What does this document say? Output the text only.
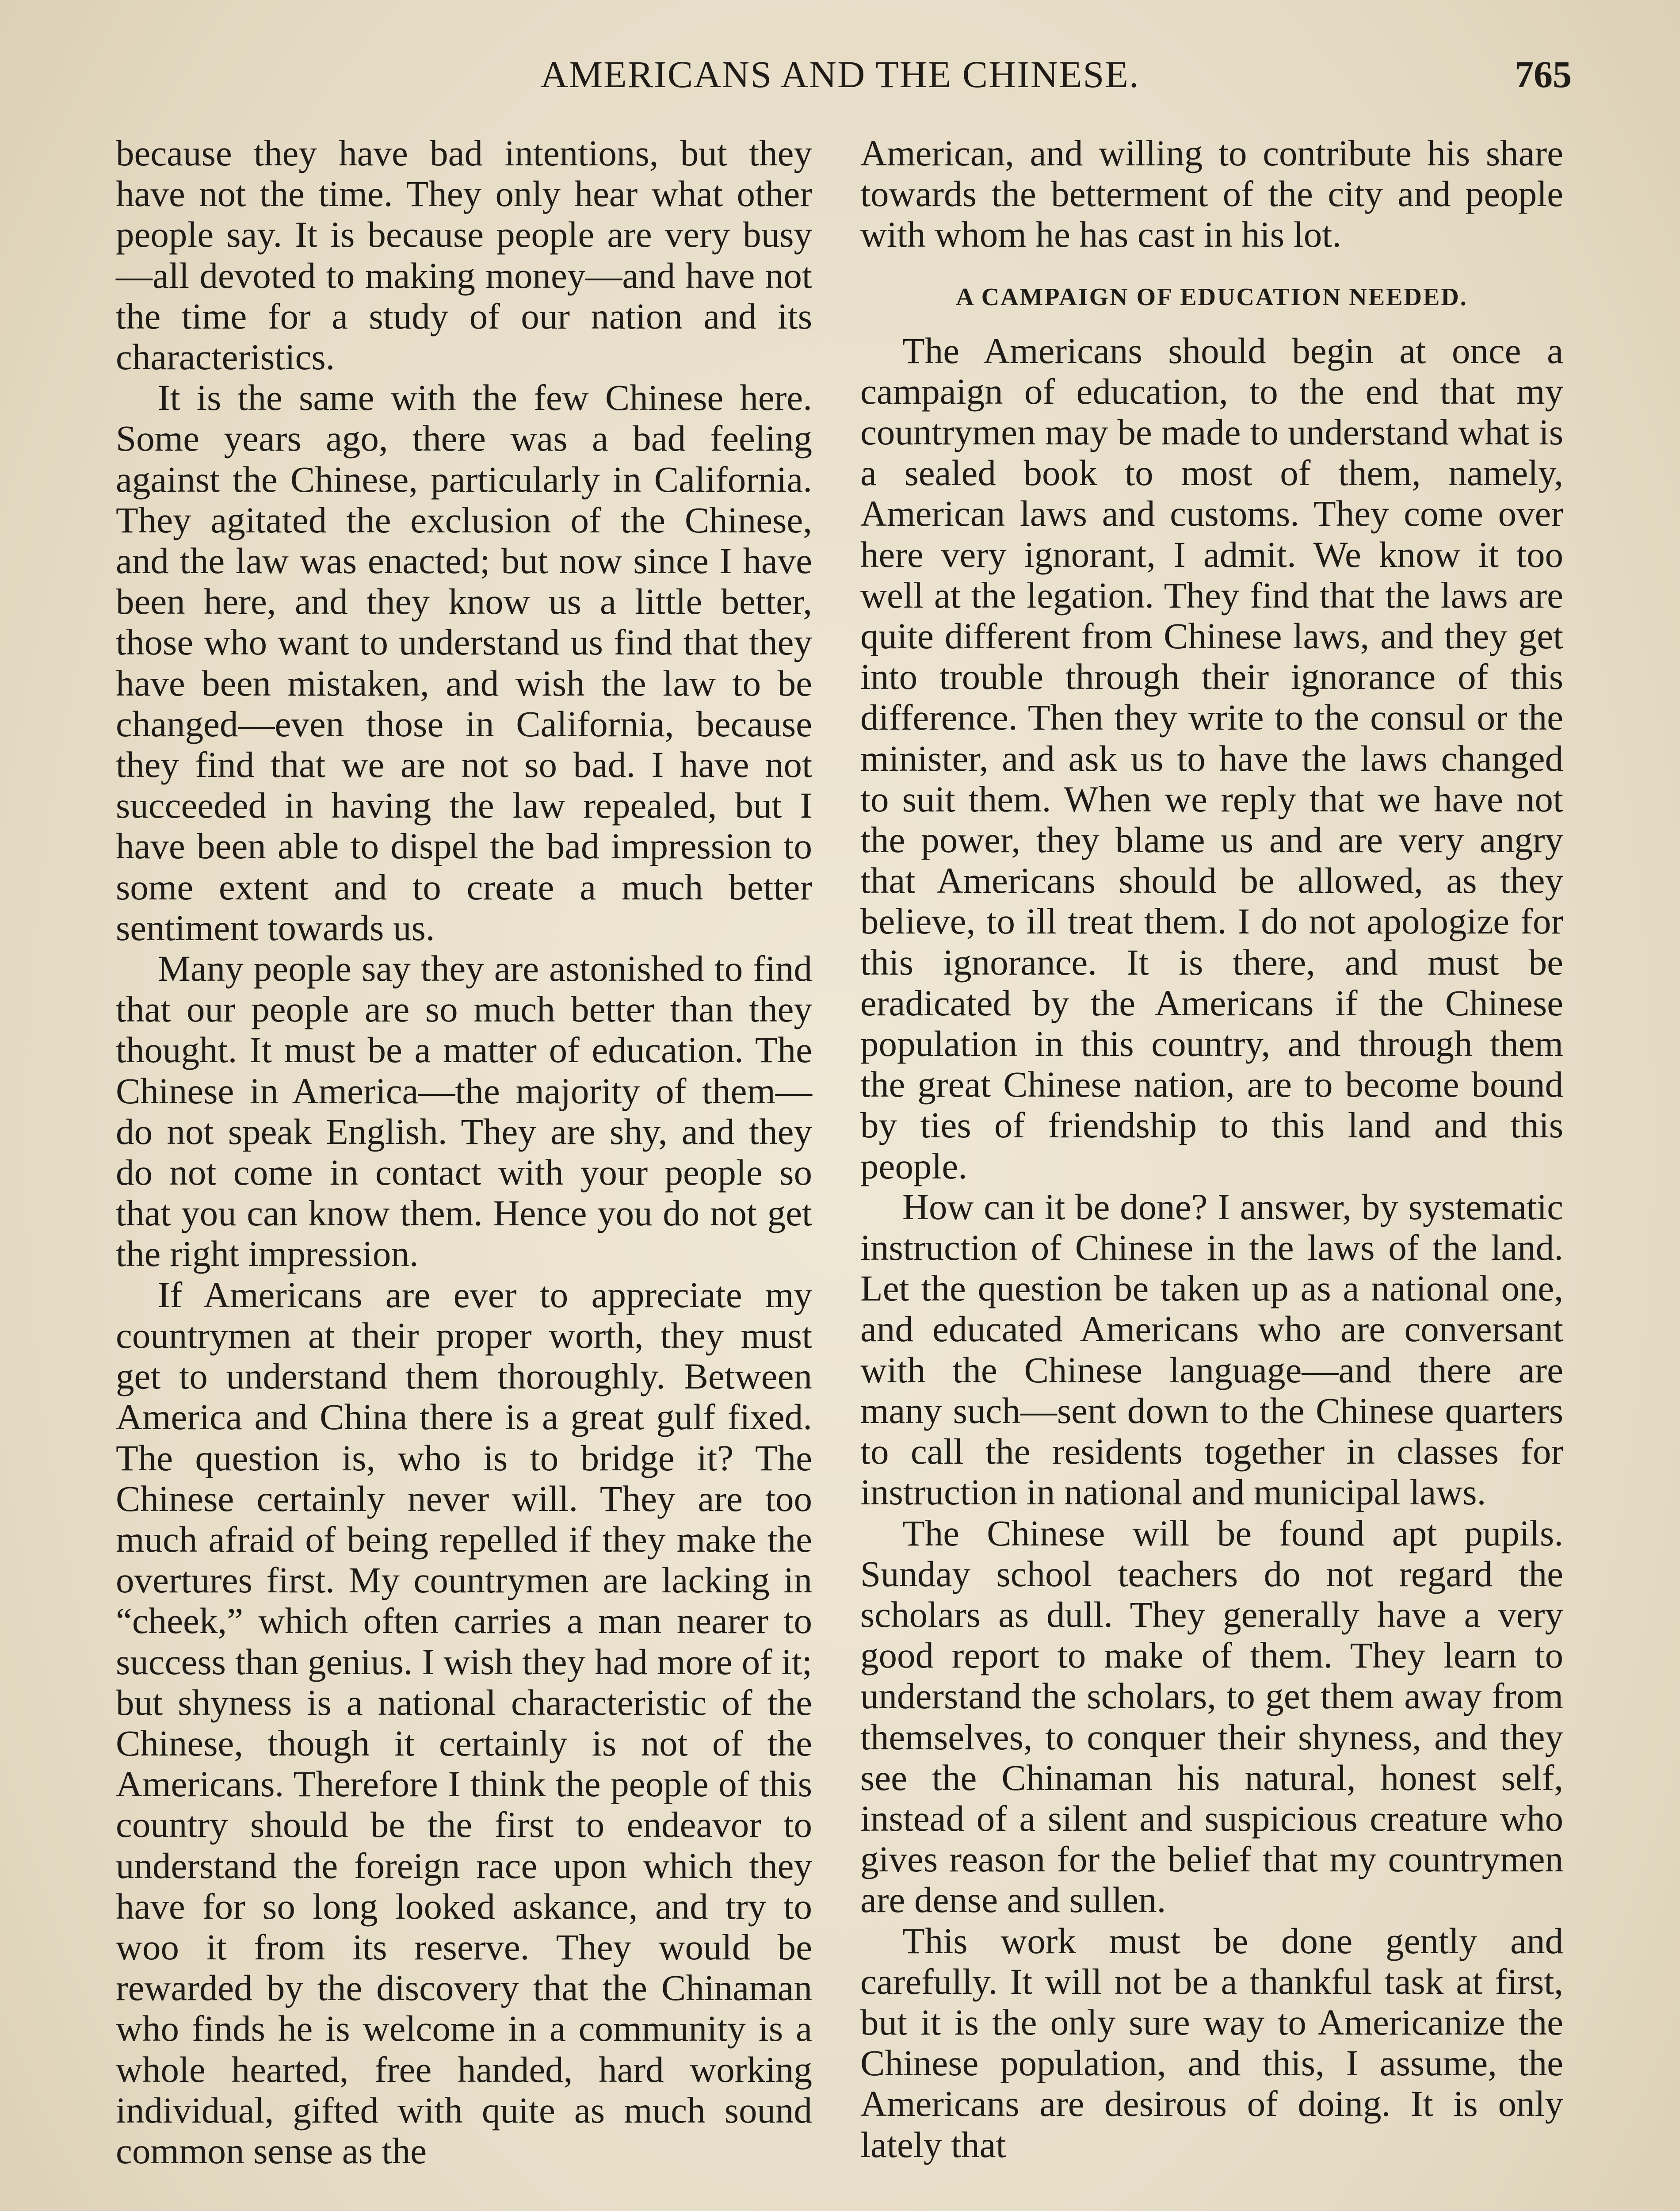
AMERICANS AND THE CHINESE.	765

because they have bad intentions, but they have not the time. They only hear what other people say. It is because people are very busy—all devoted to making money—and have not the time for a study of our nation and its characteristics.

It is the same with the few Chinese here. Some years ago, there was a bad feeling against the Chinese, particularly in California. They agitated the exclusion of the Chinese, and the law was enacted; but now since I have been here, and they know us a little better, those who want to understand us find that they have been mistaken, and wish the law to be changed—even those in California, because they find that we are not so bad. I have not succeeded in having the law repealed, but I have been able to dispel the bad impression to some extent and to create a much better sentiment towards us.

Many people say they are astonished to find that our people are so much better than they thought. It must be a matter of education. The Chinese in America—the majority of them—do not speak English. They are shy, and they do not come in contact with your people so that you can know them. Hence you do not get the right impression.

If Americans are ever to appreciate my countrymen at their proper worth, they must get to understand them thoroughly. Between America and China there is a great gulf fixed. The question is, who is to bridge it? The Chinese certainly never will. They are too much afraid of being repelled if they make the overtures first. My countrymen are lacking in “cheek,” which often carries a man nearer to success than genius. I wish they had more of it; but shyness is a national characteristic of the Chinese, though it certainly is not of the Americans. Therefore I think the people of this country should be the first to endeavor to understand the foreign race upon which they have for so long looked askance, and try to woo it from its reserve. They would be rewarded by the discovery that the Chinaman who finds he is welcome in a community is a whole hearted, free handed, hard working individual, gifted with quite as much sound common sense as the

American, and willing to contribute his share towards the betterment of the city and people with whom he has cast in his lot.

A CAMPAIGN OF EDUCATION NEEDED.

The Americans should begin at once a campaign of education, to the end that my countrymen may be made to understand what is a sealed book to most of them, namely, American laws and customs. They come over here very ignorant, I admit. We know it too well at the legation. They find that the laws are quite different from Chinese laws, and they get into trouble through their ignorance of this difference. Then they write to the consul or the minister, and ask us to have the laws changed to suit them. When we reply that we have not the power, they blame us and are very angry that Americans should be allowed, as they believe, to ill treat them. I do not apologize for this ignorance. It is there, and must be eradicated by the Americans if the Chinese population in this country, and through them the great Chinese nation, are to become bound by ties of friendship to this land and this people.

How can it be done? I answer, by systematic instruction of Chinese in the laws of the land. Let the question be taken up as a national one, and educated Americans who are conversant with the Chinese language—and there are many such—sent down to the Chinese quarters to call the residents together in classes for instruction in national and municipal laws.

The Chinese will be found apt pupils. Sunday school teachers do not regard the scholars as dull. They generally have a very good report to make of them. They learn to understand the scholars, to get them away from themselves, to conquer their shyness, and they see the Chinaman his natural, honest self, instead of a silent and suspicious creature who gives reason for the belief that my countrymen are dense and sullen.

This work must be done gently and carefully. It will not be a thankful task at first, but it is the only sure way to Americanize the Chinese population, and this, I assume, the Americans are desirous of doing. It is only lately that
